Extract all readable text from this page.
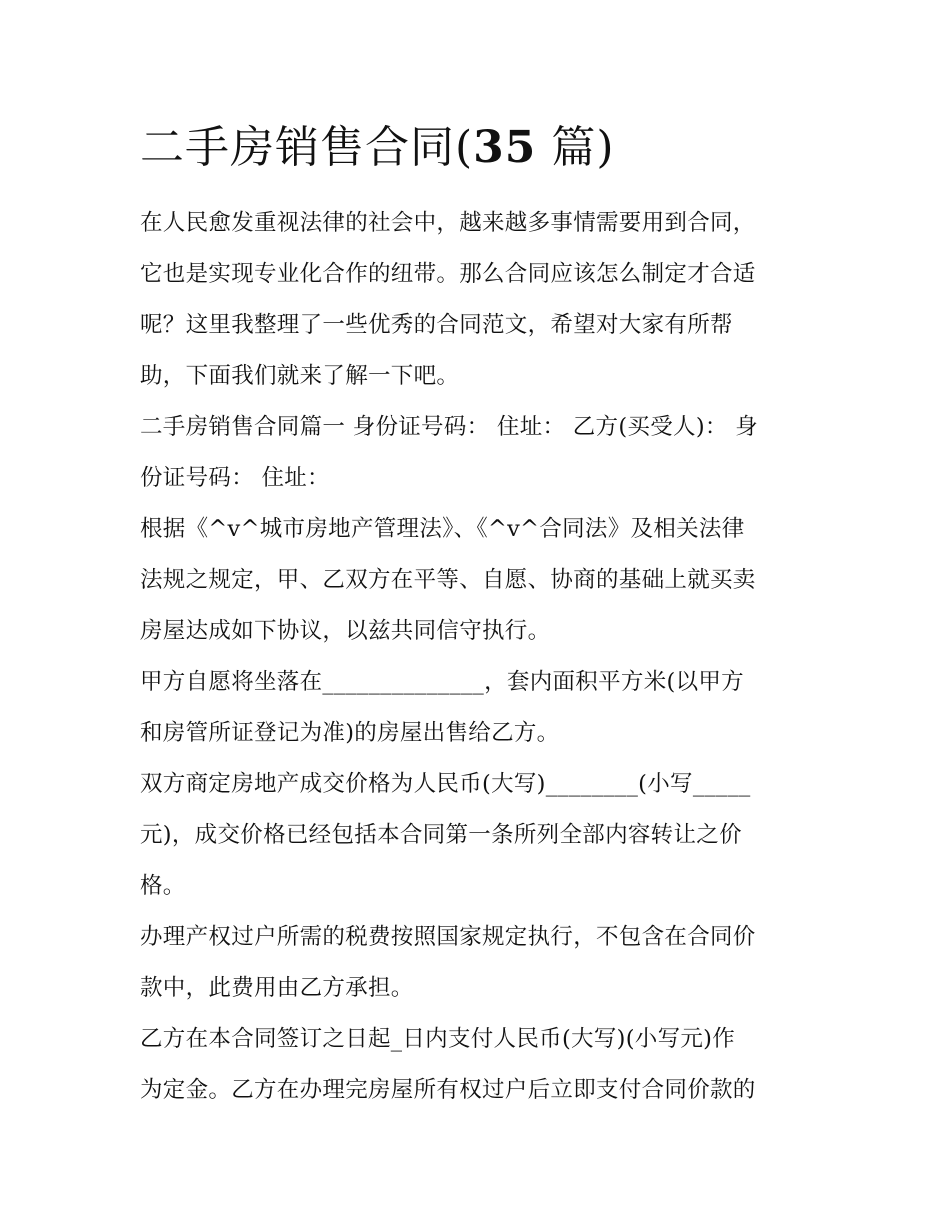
二手房销售合同(35 篇)
在人民愈发重视法律的社会中，越来越多事情需要用到合同，
它也是实现专业化合作的纽带。那么合同应该怎么制定才合适
呢？这里我整理了一些优秀的合同范文，希望对大家有所帮
助，下面我们就来了解一下吧。
二手房销售合同篇一 身份证号码： 住址： 乙方(买受人)： 身
份证号码： 住址：
根据《^v^城市房地产管理法》、《^v^合同法》及相关法律
法规之规定，甲、乙双方在平等、自愿、协商的基础上就买卖
房屋达成如下协议，以兹共同信守执行。
甲方自愿将坐落在______________，套内面积平方米(以甲方
和房管所证登记为准)的房屋出售给乙方。
双方商定房地产成交价格为人民币(大写)________(小写_____
元)，成交价格已经包括本合同第一条所列全部内容转让之价
格。
办理产权过户所需的税费按照国家规定执行，不包含在合同价
款中，此费用由乙方承担。
乙方在本合同签订之日起_日内支付人民币(大写)(小写元)作
为定金。乙方在办理完房屋所有权过户后立即支付合同价款的
